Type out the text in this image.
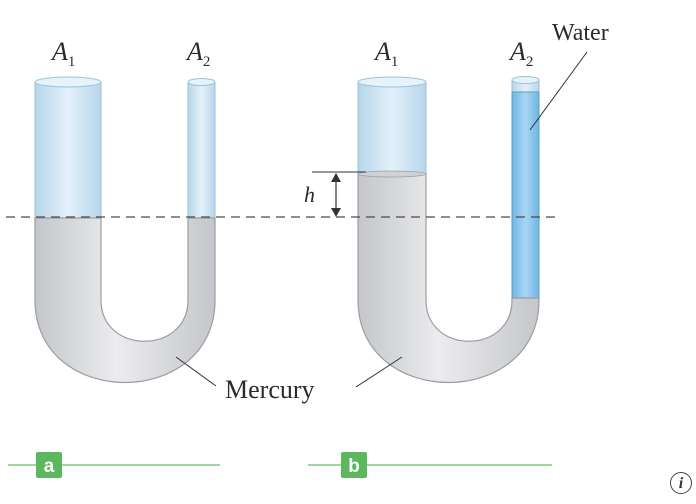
$A_1$	$A_2$	$A_1$	$A_2$
Water
h
Mercury
a	b
i
